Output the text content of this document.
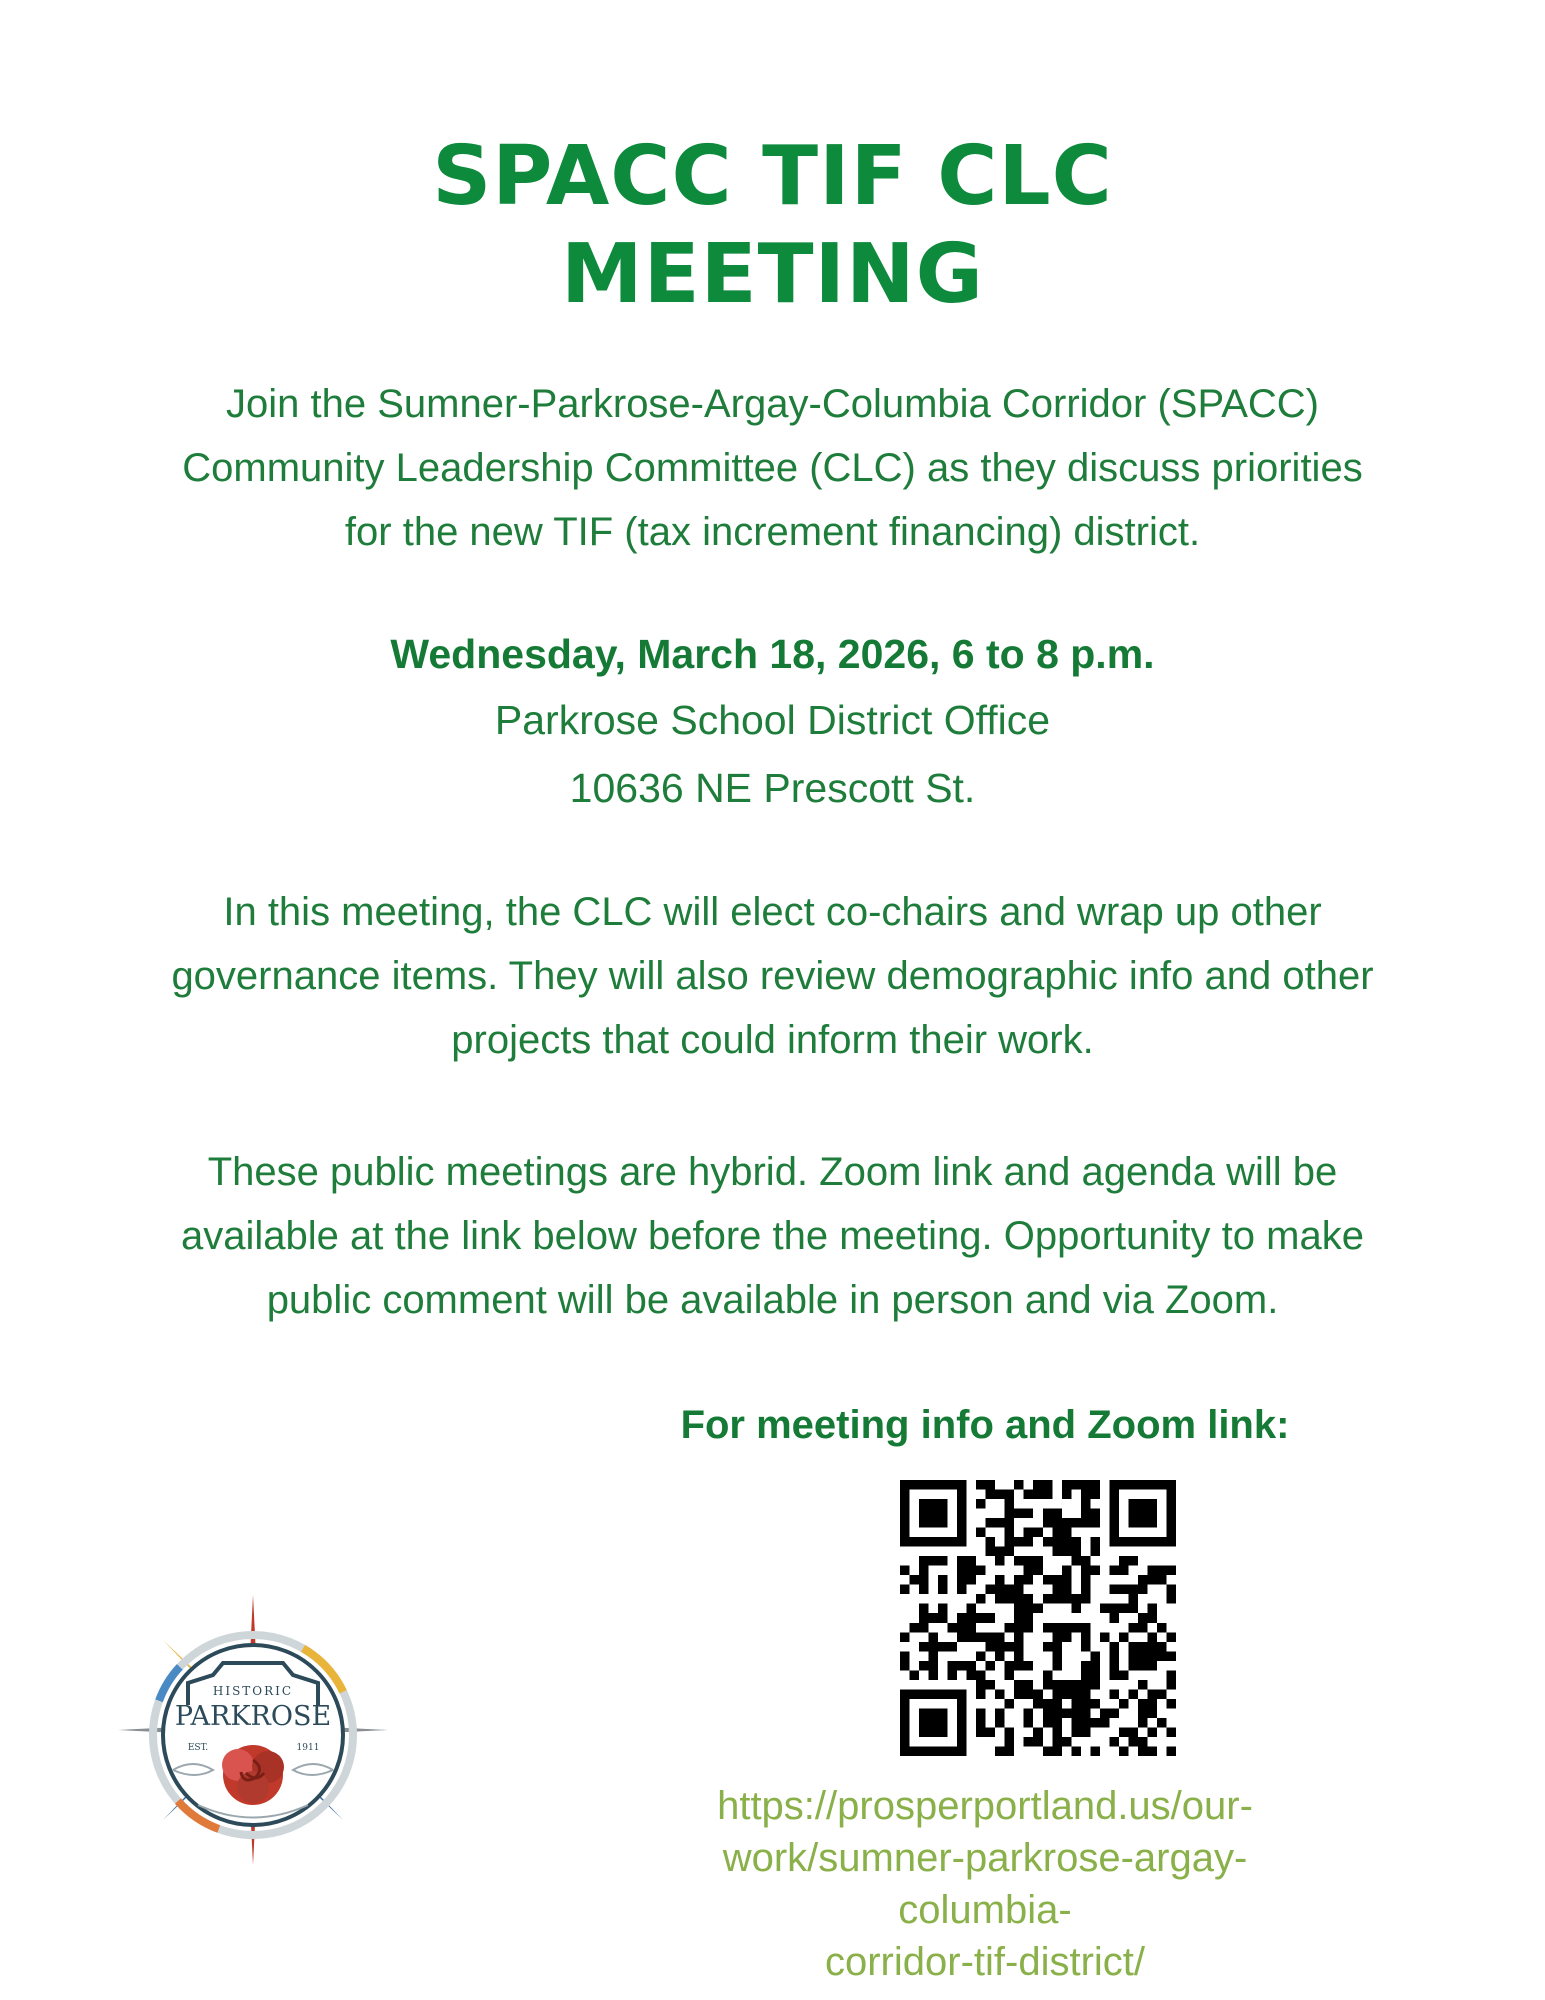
SPACC TIF CLC
MEETING

Join the Sumner-Parkrose-Argay-Columbia Corridor (SPACC)
Community Leadership Committee (CLC) as they discuss priorities
for the new TIF (tax increment financing) district.

Wednesday, March 18, 2026, 6 to 8 p.m.
Parkrose School District Office
10636 NE Prescott St.

In this meeting, the CLC will elect co-chairs and wrap up other
governance items. They will also review demographic info and other
projects that could inform their work.

These public meetings are hybrid. Zoom link and agenda will be
available at the link below before the meeting. Opportunity to make
public comment will be available in person and via Zoom.

For meeting info and Zoom link:

https://prosperportland.us/our-
work/sumner-parkrose-argay-columbia-
corridor-tif-district/
HISTORIC
PARKROSE
EST.	1911
